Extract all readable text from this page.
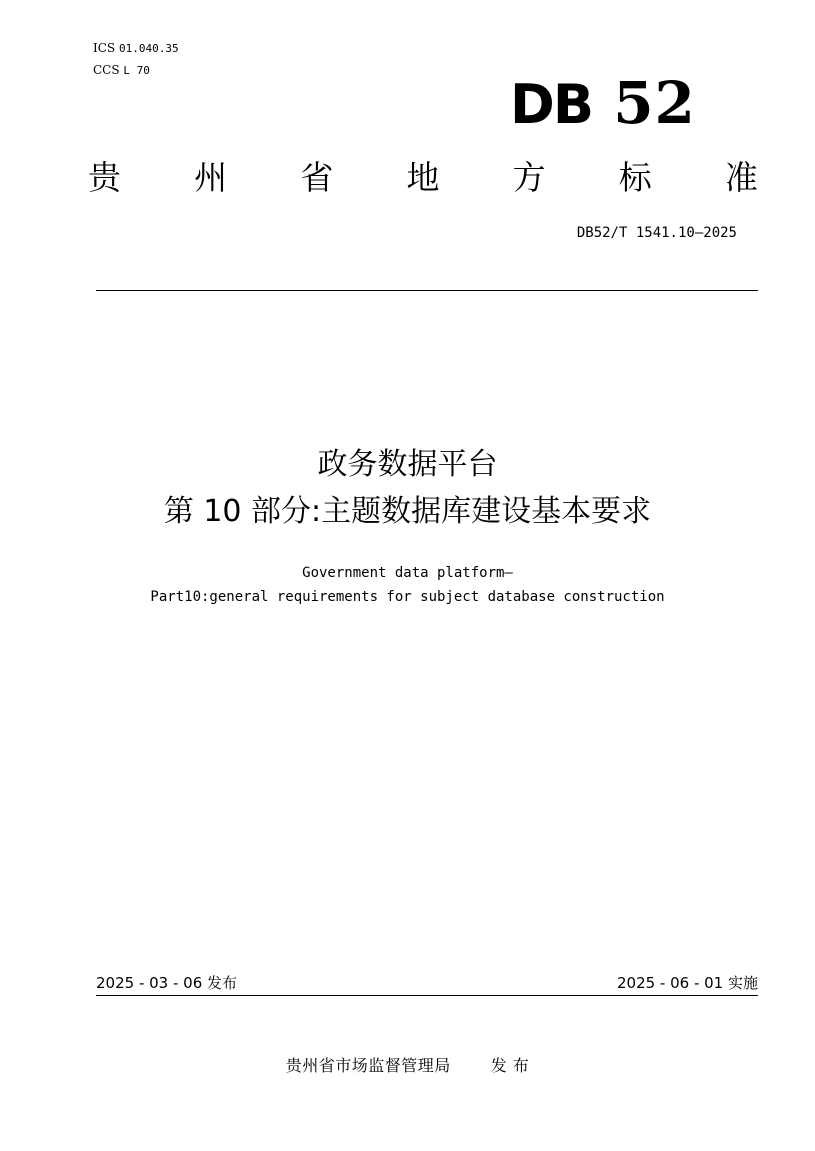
ICS 01.040.35
CCS L 70
DB 52
贵 州 省 地 方 标 准
DB52/T 1541.10—2025
政务数据平台
第 10 部分:主题数据库建设基本要求
Government data platform—
Part10:general requirements for subject database construction
2025 - 03 - 06 发布	2025 - 06 - 01 实施
贵州省市场监督管理局	发 布
